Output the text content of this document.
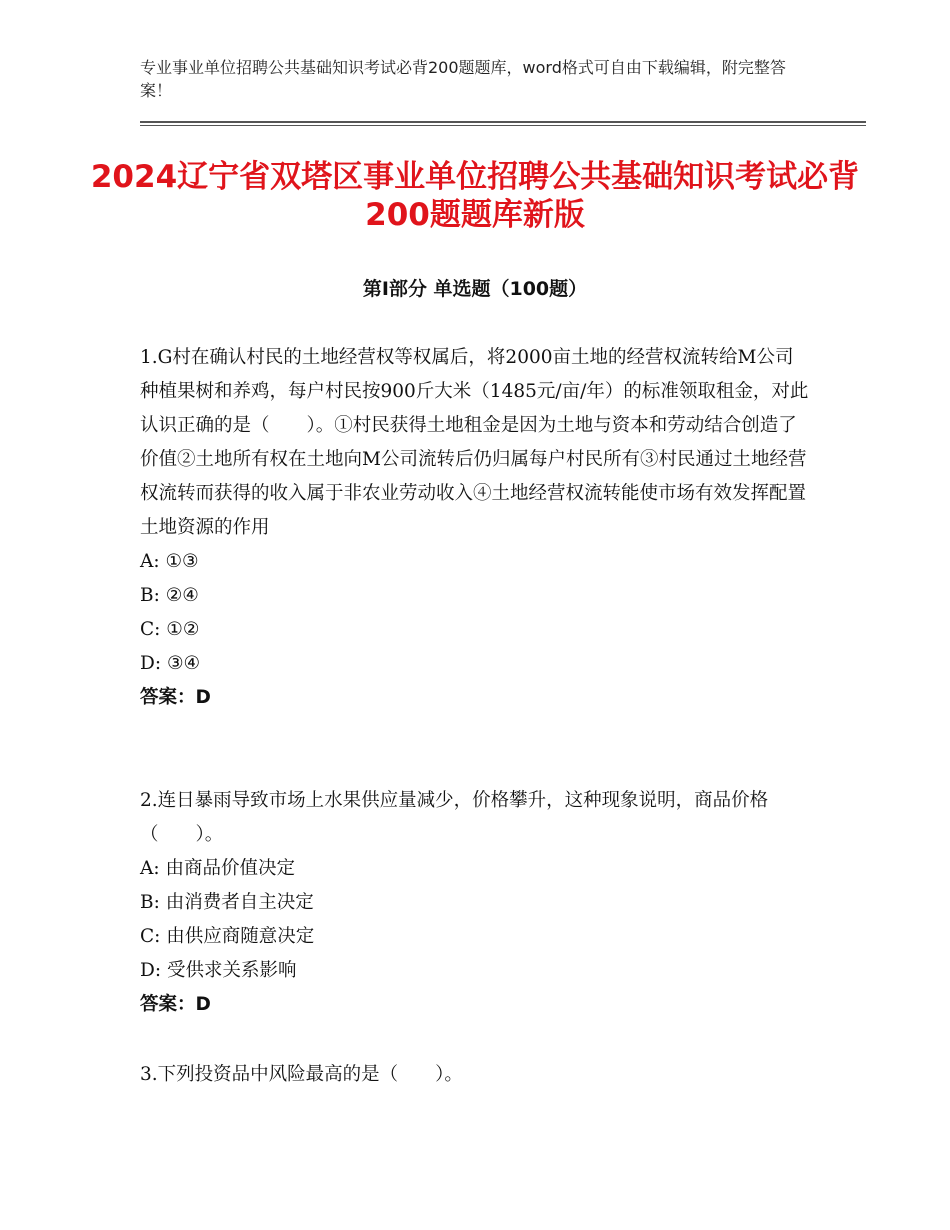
专业事业单位招聘公共基础知识考试必背200题题库，word格式可自由下载编辑，附完整答案！
2024辽宁省双塔区事业单位招聘公共基础知识考试必背200题题库新版
第Ⅰ部分 单选题（100题）

1.G村在确认村民的土地经营权等权属后，将2000亩土地的经营权流转给M公司种植果树和养鸡，每户村民按900斤大米（1485元/亩/年）的标准领取租金，对此认识正确的是（　　）。①村民获得土地租金是因为土地与资本和劳动结合创造了价值②土地所有权在土地向M公司流转后仍归属每户村民所有③村民通过土地经营权流转而获得的收入属于非农业劳动收入④土地经营权流转能使市场有效发挥配置土地资源的作用

A: ①③

B: ②④

C: ①②

D: ③④

答案：D

2.连日暴雨导致市场上水果供应量减少，价格攀升，这种现象说明，商品价格（　　）。

A: 由商品价值决定

B: 由消费者自主决定

C: 由供应商随意决定

D: 受供求关系影响

答案：D

3.下列投资品中风险最高的是（　　）。
